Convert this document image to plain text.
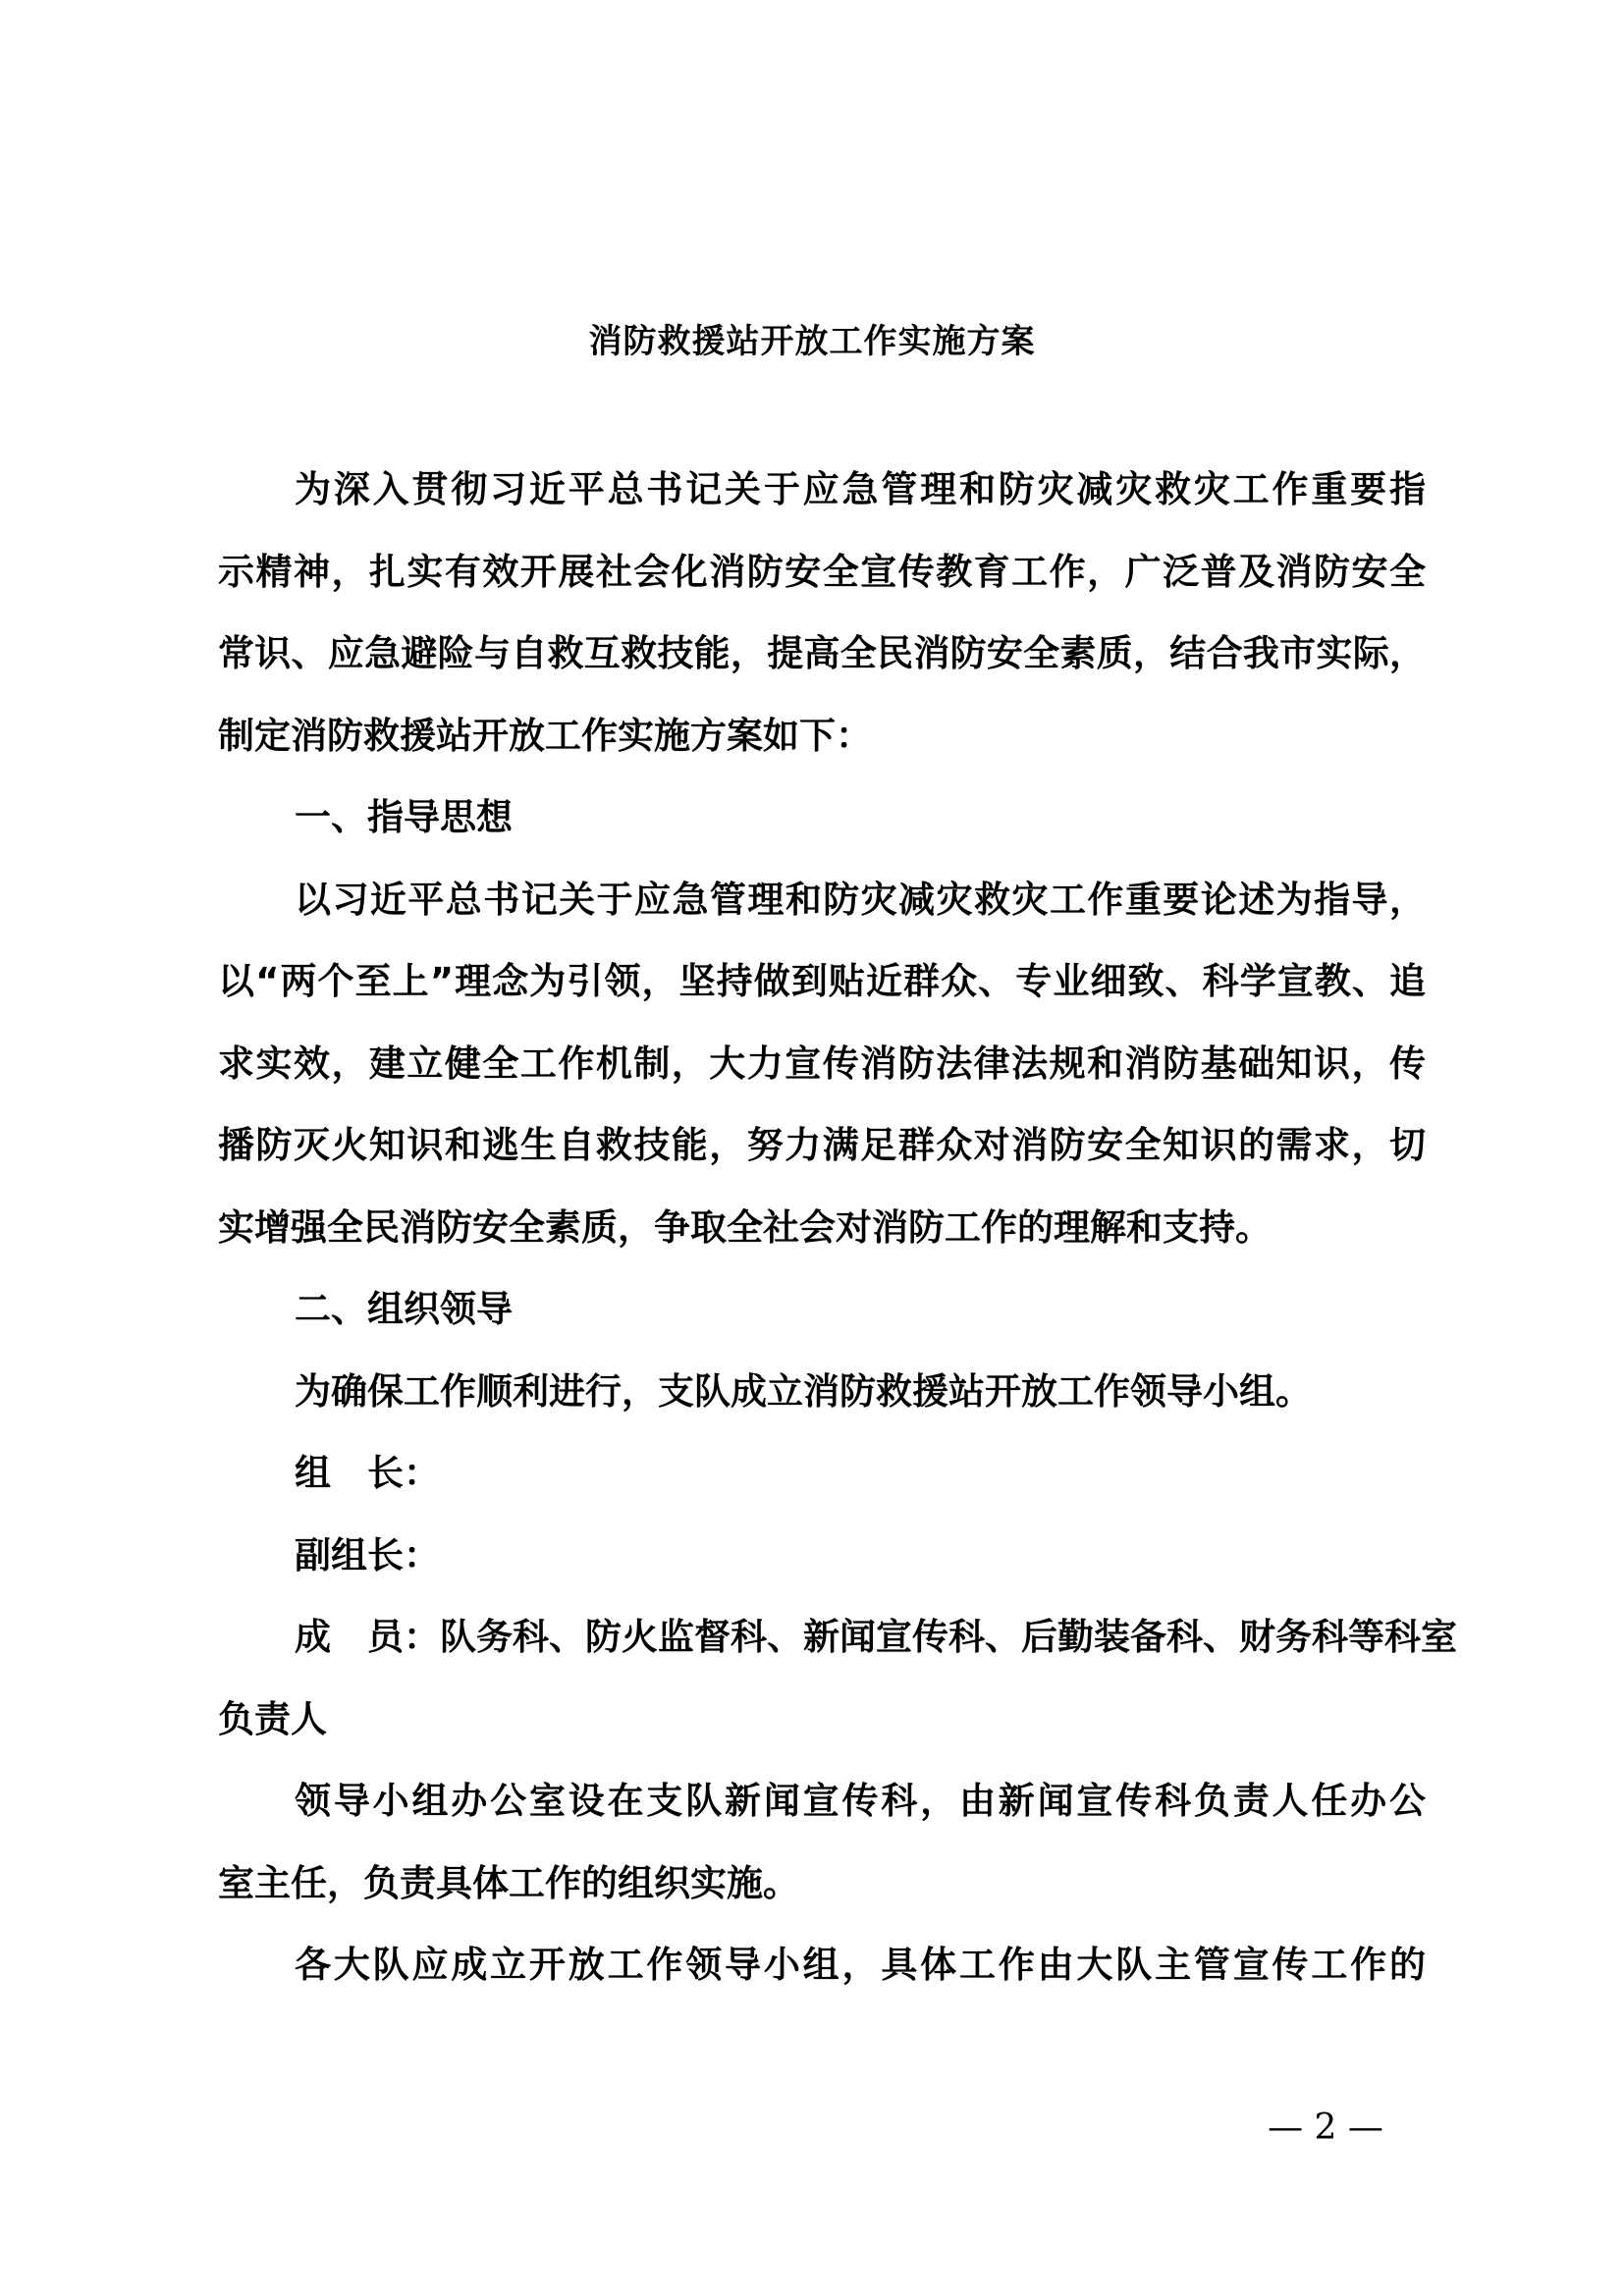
消防救援站开放工作实施方案
为深入贯彻习近平总书记关于应急管理和防灾减灾救灾工作重要指
示精神，扎实有效开展社会化消防安全宣传教育工作，广泛普及消防安全
常识、应急避险与自救互救技能，提高全民消防安全素质，结合我市实际，
制定消防救援站开放工作实施方案如下：
一、指导思想
以习近平总书记关于应急管理和防灾减灾救灾工作重要论述为指导，
以“两个至上”理念为引领，坚持做到贴近群众、专业细致、科学宣教、追
求实效，建立健全工作机制，大力宣传消防法律法规和消防基础知识，传
播防灭火知识和逃生自救技能，努力满足群众对消防安全知识的需求，切
实增强全民消防安全素质，争取全社会对消防工作的理解和支持。
二、组织领导
为确保工作顺利进行，支队成立消防救援站开放工作领导小组。
组　长：
副组长：
成　员：队务科、防火监督科、新闻宣传科、后勤装备科、财务科等科室
负责人
领导小组办公室设在支队新闻宣传科，由新闻宣传科负责人任办公
室主任，负责具体工作的组织实施。
各大队应成立开放工作领导小组，具体工作由大队主管宣传工作的
— 2 —
